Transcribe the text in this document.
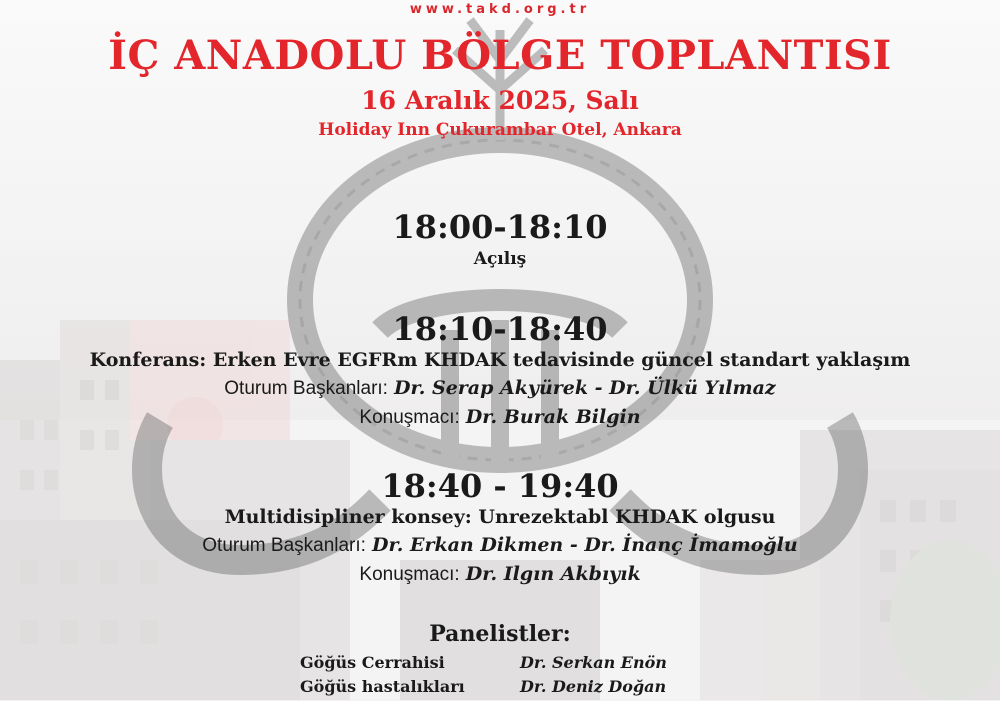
www.takd.org.tr
İÇ ANADOLU BÖLGE TOPLANTISI
16 Aralık 2025, Salı
Holiday Inn Çukurambar Otel, Ankara
18:00-18:10
Açılış
18:10-18:40
Konferans: Erken Evre EGFRm KHDAK tedavisinde güncel standart yaklaşım
Oturum Başkanları: Dr. Serap Akyürek - Dr. Ülkü Yılmaz
Konuşmacı: Dr. Burak Bilgin
18:40 - 19:40
Multidisipliner konsey: Unrezektabl KHDAK olgusu
Oturum Başkanları: Dr. Erkan Dikmen - Dr. İnanç İmamoğlu
Konuşmacı: Dr. Ilgın Akbıyık
Panelistler:
Göğüs Cerrahisi	Dr. Serkan Enön
Göğüs hastalıkları	Dr. Deniz Doğan
